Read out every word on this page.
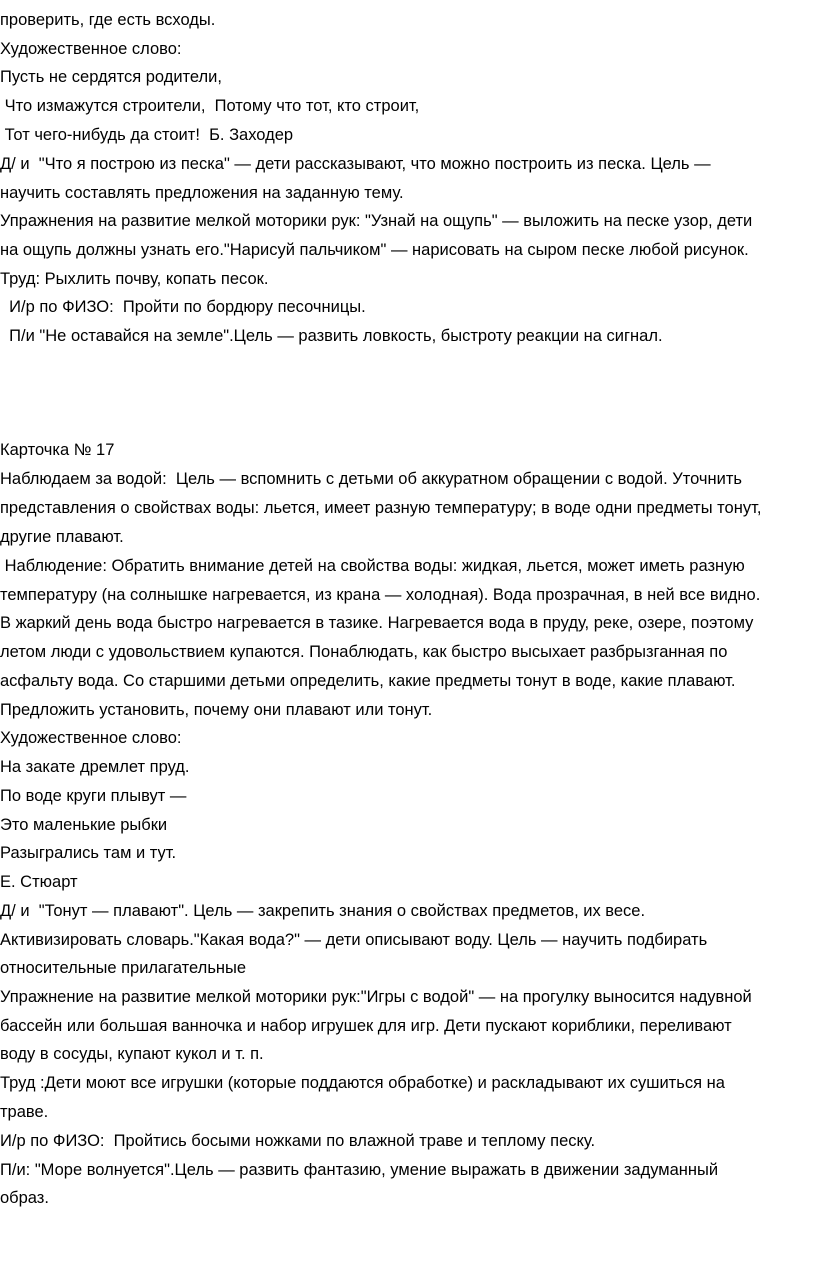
проверить, где есть всходы.

Художественное слово:

Пусть не сердятся родители,

Что измажутся строители,  Потому что тот, кто строит,

Тот чего-нибудь да стоит!  Б. Заходер

Д/ и  "Что я построю из песка" — дети рассказывают, что можно построить из песка. Цель —

научить составлять предложения на заданную тему.

Упражнения на развитие мелкой моторики рук: "Узнай на ощупь" — выложить на песке узор, дети

на ощупь должны узнать его."Нарисуй пальчиком" — нарисовать на сыром песке любой рисунок.

Труд: Рыхлить почву, копать песок.

И/р по ФИЗО:  Пройти по бордюру песочницы.

П/и "Не оставайся на земле".Цель — развить ловкость, быстроту реакции на сигнал.

Карточка № 17

Наблюдаем за водой:  Цель — вспомнить с детьми об аккуратном обращении с водой. Уточнить

представления о свойствах воды: льется, имеет разную температуру; в воде одни предметы тонут,

другие плавают.

Наблюдение: Обратить внимание детей на свойства воды: жидкая, льется, может иметь разную

температуру (на солнышке нагревается, из крана — холодная). Вода прозрачная, в ней все видно.

В жаркий день вода быстро нагревается в тазике. Нагревается вода в пруду, реке, озере, поэтому

летом люди с удовольствием купаются. Понаблюдать, как быстро высыхает разбрызганная по

асфальту вода. Со старшими детьми определить, какие предметы тонут в воде, какие плавают.

Предложить установить, почему они плавают или тонут.

Художественное слово:

На закате дремлет пруд.

По воде круги плывут —

Это маленькие рыбки

Разыгрались там и тут.

Е. Стюарт

Д/ и  "Тонут — плавают". Цель — закрепить знания о свойствах предметов, их весе.

Активизировать словарь."Какая вода?" — дети описывают воду. Цель — научить подбирать

относительные прилагательные

Упражнение на развитие мелкой моторики рук:"Игры с водой" — на прогулку выносится надувной

бассейн или большая ванночка и набор игрушек для игр. Дети пускают кориблики, переливают

воду в сосуды, купают кукол и т. п.

Труд :Дети моют все игрушки (которые поддаются обработке) и раскладывают их сушиться на

траве.

И/р по ФИЗО:  Пройтись босыми ножками по влажной траве и теплому песку.

П/и: "Море волнуется".Цель — развить фантазию, умение выражать в движении задуманный

образ.
